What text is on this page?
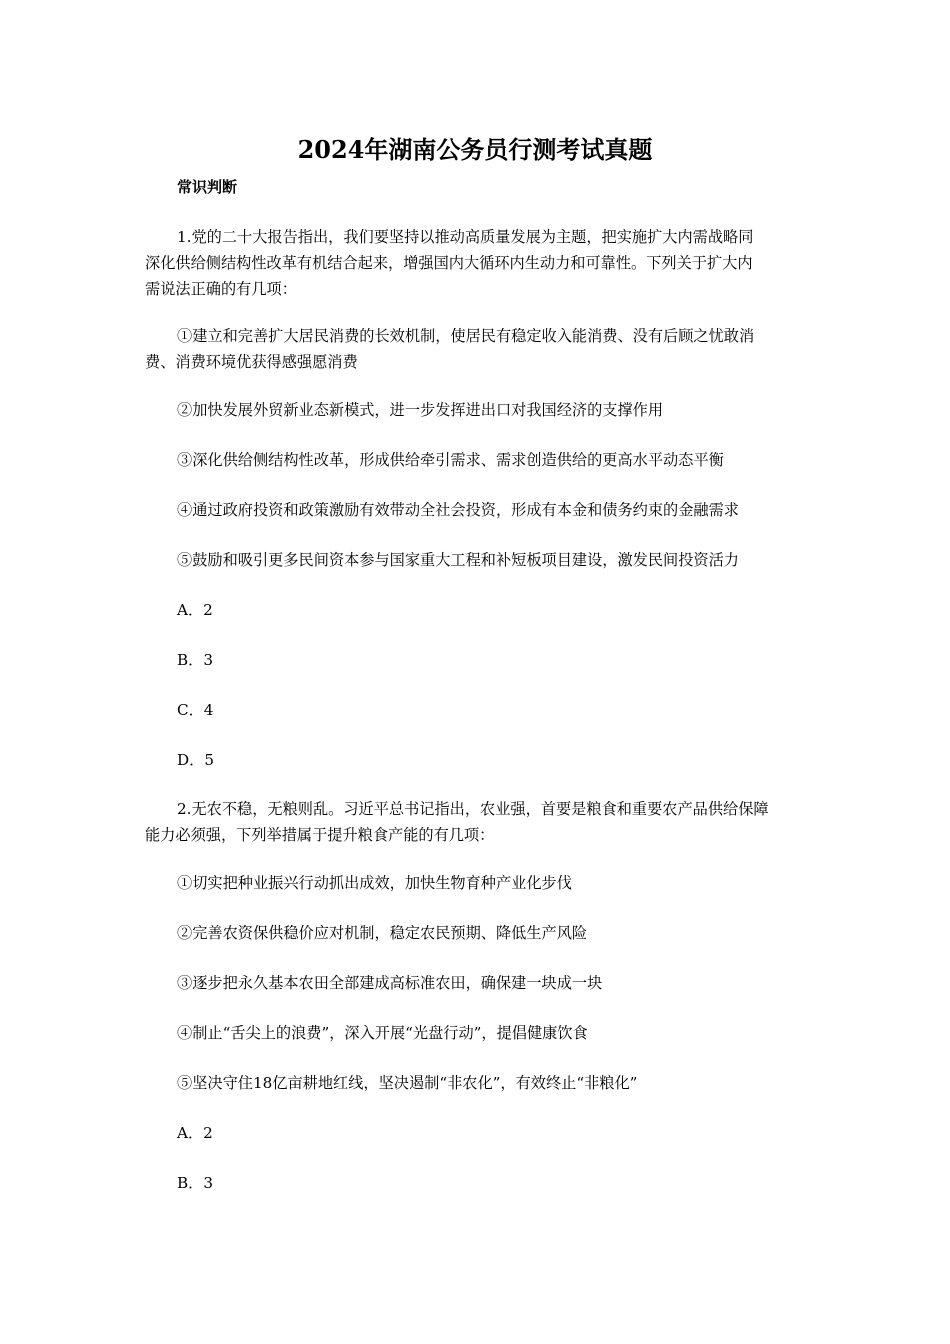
2024年湖南公务员行测考试真题

常识判断

1.党的二十大报告指出，我们要坚持以推动高质量发展为主题，把实施扩大内需战略同

深化供给侧结构性改革有机结合起来，增强国内大循环内生动力和可靠性。下列关于扩大内

需说法正确的有几项：

①建立和完善扩大居民消费的长效机制，使居民有稳定收入能消费、没有后顾之忧敢消

费、消费环境优获得感强愿消费

②加快发展外贸新业态新模式，进一步发挥进出口对我国经济的支撑作用

③深化供给侧结构性改革，形成供给牵引需求、需求创造供给的更高水平动态平衡

④通过政府投资和政策激励有效带动全社会投资，形成有本金和债务约束的金融需求

⑤鼓励和吸引更多民间资本参与国家重大工程和补短板项目建设，激发民间投资活力

A．2

B．3

C．4

D．5

2.无农不稳，无粮则乱。习近平总书记指出，农业强，首要是粮食和重要农产品供给保障

能力必须强，下列举措属于提升粮食产能的有几项：

①切实把种业振兴行动抓出成效，加快生物育种产业化步伐

②完善农资保供稳价应对机制，稳定农民预期、降低生产风险

③逐步把永久基本农田全部建成高标准农田，确保建一块成一块

④制止“舌尖上的浪费”，深入开展“光盘行动”，提倡健康饮食

⑤坚决守住18亿亩耕地红线，坚决遏制“非农化”，有效终止“非粮化”

A．2

B．3
